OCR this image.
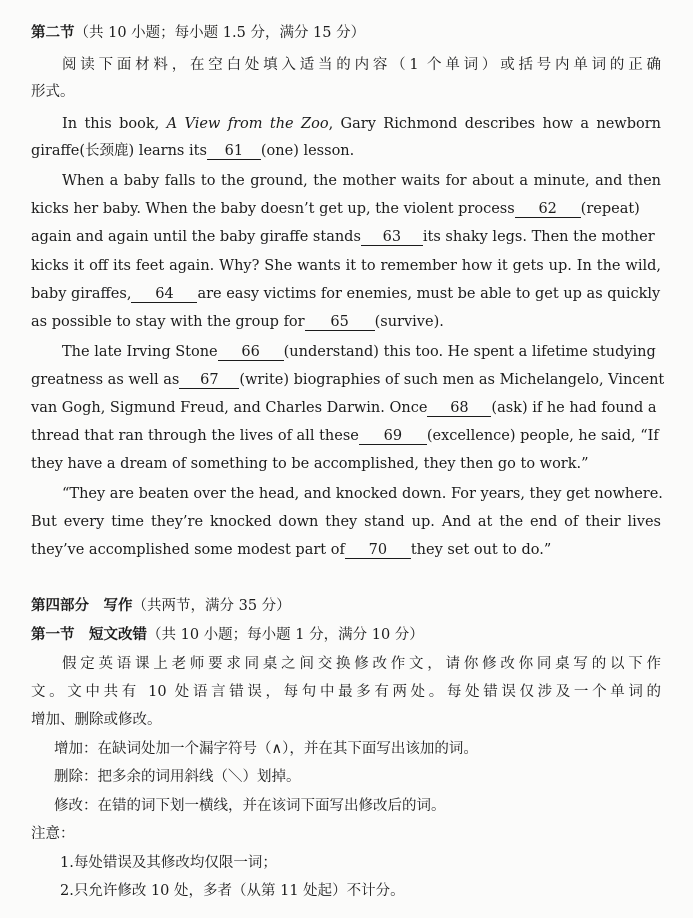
第二节（共 10 小题；每小题 1.5 分，满分 15 分）
阅读下面材料，在空白处填入适当的内容（1 个单词）或括号内单词的正确
形式。
In this book, A View from the Zoo, Gary Richmond describes how a newborn
giraffe(长颈鹿) learns its 61 (one) lesson.
When a baby falls to the ground, the mother waits for about a minute, and then
kicks her baby. When the baby doesn’t get up, the violent process 62 (repeat)
again and again until the baby giraffe stands 63 its shaky legs. Then the mother
kicks it off its feet again. Why? She wants it to remember how it gets up. In the wild,
baby giraffes, 64 are easy victims for enemies, must be able to get up as quickly
as possible to stay with the group for 65 (survive).
The late Irving Stone 66 (understand) this too. He spent a lifetime studying
greatness as well as 67 (write) biographies of such men as Michelangelo, Vincent
van Gogh, Sigmund Freud, and Charles Darwin. Once 68 (ask) if he had found a
thread that ran through the lives of all these 69 (excellence) people, he said, “If
they have a dream of something to be accomplished, they then go to work.”
“They are beaten over the head, and knocked down. For years, they get nowhere.
But every time they’re knocked down they stand up. And at the end of their lives
they’ve accomplished some modest part of 70 they set out to do.”
第四部分　写作（共两节，满分 35 分）
第一节　短文改错（共 10 小题；每小题 1 分，满分 10 分）
假定英语课上老师要求同桌之间交换修改作文，请你修改你同桌写的以下作
文。文中共有 10 处语言错误，每句中最多有两处。每处错误仅涉及一个单词的
增加、删除或修改。
增加：在缺词处加一个漏字符号（∧），并在其下面写出该加的词。
删除：把多余的词用斜线（＼）划掉。
修改：在错的词下划一横线，并在该词下面写出修改后的词。
注意：
1.每处错误及其修改均仅限一词；
2.只允许修改 10 处，多者（从第 11 处起）不计分。
